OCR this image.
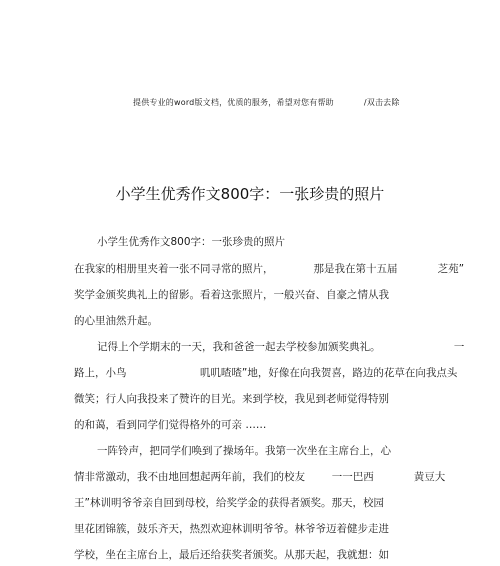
提供专业的word版文档，优质的服务，希望对您有帮助	/双击去除
小学生优秀作文800字：一张珍贵的照片
小学生优秀作文800字：一张珍贵的照片
在我家的相册里夹着一张不同寻常的照片，            那是我在第十五届            芝苑”
奖学金颁奖典礼上的留影。看着这张照片，一般兴奋、自豪之情从我
的心里油然升起。
记得上个学期末的一天，我和爸爸一起去学校参加颁奖典礼。                      一
路上，小鸟                      叽叽喳喳”地，好像在向我贺喜，路边的花草在向我点头
微笑；行人向我投来了赞许的目光。来到学校，我见到老师觉得特别
的和蔼，看到同学们觉得格外的可亲 ……
一阵铃声，把同学们唤到了操场年。我第一次坐在主席台上，心
情非常激动，我不由地回想起两年前，我们的校友        一一巴西            黄豆大
王”林训明爷爷亲自回到母校，给奖学金的获得者颁奖。那天，校园
里花团锦簇，鼓乐齐天，热烈欢迎林训明爷爷。林爷爷迈着健步走进
学校，坐在主席台上，最后还给获奖者颁奖。从那天起，我就想：如
